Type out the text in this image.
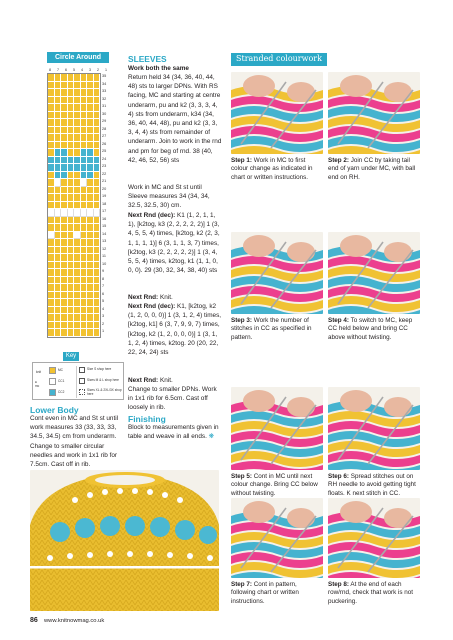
Circle Around
8 7 6 5 4 3 2 1
35
34
33
32
31
30
29
28
27
26
25
24
23
22
21
20
19
18
17
16
15
14
13
12
11
10
9
8
7
6
5
4
3
2
1
Key
knit
● mc
MC
CC1
CC2
Size S shop here
Sizes M & L shop here
Sizes XL & 2XL/3X shop here
Lower Body
Cont even in MC and St st until work measures 33 (33, 33, 33, 34.5, 34.5) cm from underarm. Change to smaller circular needles and work in 1x1 rib for 7.5cm. Cast off in rib.
SLEEVES
Work both the same
Return held 34 (34, 36, 40, 44, 48) sts to larger DPNs. With RS facing, MC and starting at centre underarm, pu and k2 (3, 3, 3, 4, 4) sts from underarm, k34 (34, 36, 40, 44, 48), pu and k2 (3, 3, 3, 4, 4) sts from remainder of underarm. Join to work in the rnd and pm for beg of rnd. 38 (40, 42, 46, 52, 56) sts
Work in MC and St st until Sleeve measures 34 (34, 34, 32.5, 32.5, 30) cm.
Next Rnd (dec): K1 (1, 2, 1, 1, 1), [k2tog, k3 (2, 2, 2, 2, 2)] 1 (3, 4, 5, 5, 4) times, [k2tog, k2 (2, 3, 1, 1, 1, 1)] 6 (3, 1, 1, 3, 7) times, [k2tog, k3 (2, 2, 2, 2, 2)] 1 (3, 4, 5, 5, 4) times, k2tog, k1 (1, 1, 0, 0, 0). 29 (30, 32, 34, 38, 40) sts
Next Rnd: Knit.
Next Rnd (dec): K1, [k2tog, k2 (1, 2, 0, 0, 0)] 1 (3, 1, 2, 4) times, [k2tog, k1] 6 (3, 7, 9, 9, 7) times, [k2tog, k2 (1, 2, 0, 0, 0)] 1 (3, 1, 1, 2, 4) times, k2tog. 20 (20, 22, 22, 24, 24) sts
Next Rnd: Knit.
Change to smaller DPNs. Work in 1x1 rib for 6.5cm. Cast off loosely in rib.
Finishing
Block to measurements given in table and weave in all ends. ❋
Stranded colourwork
Step 1: Work in MC to first colour change as indicated in chart or written instructions.
Step 2: Join CC by taking tail end of yarn under MC, with ball end on RH.
Step 3: Work the number of stitches in CC as specified in pattern.
Step 4: To switch to MC, keep CC held below and bring CC above without twisting.
Step 5: Cont in MC until next colour change. Bring CC below without twisting.
Step 6: Spread stitches out on RH needle to avoid getting tight floats. K next stitch in CC.
Step 7: Cont in pattern, following chart or written instructions.
Step 8: At the end of each row/rnd, check that work is not puckering.
86 www.knitnowmag.co.uk
